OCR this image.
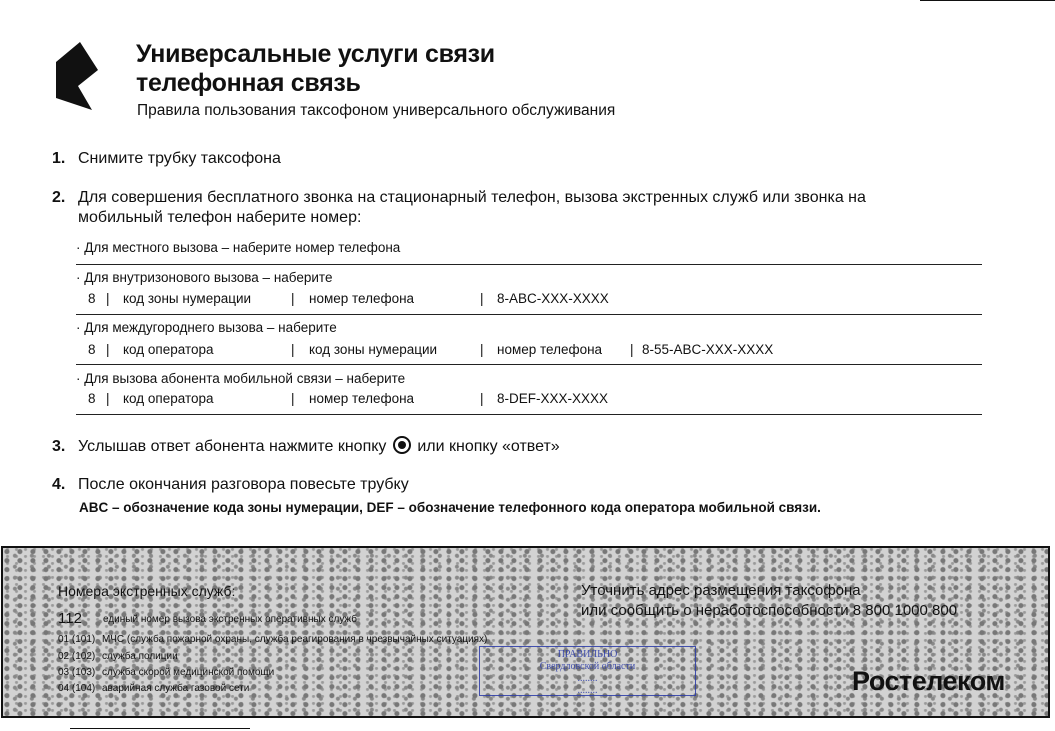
Универсальные услуги связи
телефонная связь
Правила пользования таксофоном универсального обслуживания
1. Снимите трубку таксофона
2. Для совершения бесплатного звонка на стационарный телефон, вызова экстренных служб или звонка на мобильный телефон наберите номер:
· Для местного вызова – наберите номер телефона
· Для внутризонового вызова – наберите
8 | код зоны нумерации	| номер телефона	| 8-ABC-XXX-XXXX
· Для междугороднего вызова – наберите
8 | код оператора	| код зоны нумерации	| номер телефона | 8-55-ABC-XXX-XXXX
· Для вызова абонента мобильной связи – наберите
8 | код оператора	| номер телефона	| 8-DEF-XXX-XXXX
3. Услышав ответ абонента нажмите кнопку или кнопку «ответ»
4. После окончания разговора повесьте трубку
ABC – обозначение кода зоны нумерации, DEF – обозначение телефонного кода оператора мобильной связи.
Номера экстренных служб:
112 единый номер вызова экстренных оперативных служб
01 (101) МЧС (служба пожарной охраны, служба реагирования в чрезвычайных ситуациях)
02 (102) служба полиции
03 (103) служба скорой медицинской помощи
04 (104) аварийная служба газовой сети
Уточнить адрес размещения таксофона
или сообщить о неработоспособности 8 800 1000 800
ПРАВИЛЬНО
Свердловской области
........
........	Ростелеком
